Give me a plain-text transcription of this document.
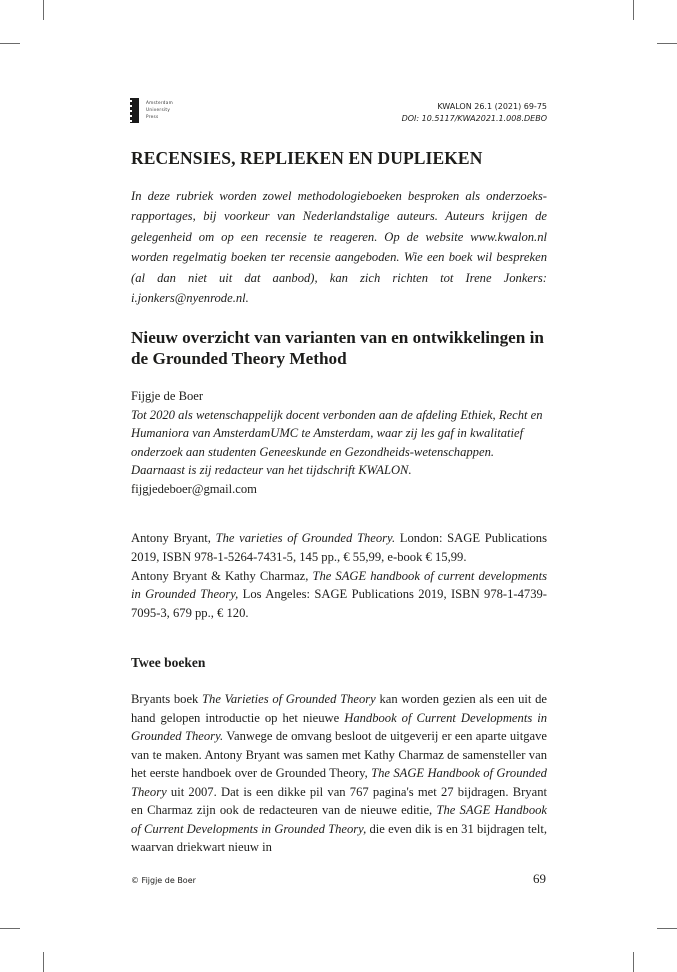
Amsterdam
University
Press
KWALON 26.1 (2021) 69-75
DOI: 10.5117/KWA2021.1.008.DEBO
RECENSIES, REPLIEKEN EN DUPLIEKEN

In deze rubriek worden zowel methodologieboeken besproken als onderzoeks-rapportages, bij voorkeur van Nederlandstalige auteurs. Auteurs krijgen de gelegenheid om op een recensie te reageren. Op de website www.kwalon.nl worden regelmatig boeken ter recensie aangeboden. Wie een boek wil bespreken (al dan niet uit dat aanbod), kan zich richten tot Irene Jonkers: i.jonkers@nyenrode.nl.

Nieuw overzicht van varianten van en ontwikkelingen in de Grounded Theory Method
Fijgje de Boer
Tot 2020 als wetenschappelijk docent verbonden aan de afdeling Ethiek, Recht en Humaniora van AmsterdamUMC te Amsterdam, waar zij les gaf in kwalitatief onderzoek aan studenten Geneeskunde en Gezondheids-wetenschappen. Daarnaast is zij redacteur van het tijdschrift KWALON.
fijgjedeboer@gmail.com

Antony Bryant, The varieties of Grounded Theory. London: SAGE Publications 2019, ISBN 978-1-5264-7431-5, 145 pp., € 55,99, e-book € 15,99.

Antony Bryant & Kathy Charmaz, The SAGE handbook of current developments in Grounded Theory, Los Angeles: SAGE Publications 2019, ISBN 978-1-4739-7095-3, 679 pp., € 120.

Twee boeken

Bryants boek The Varieties of Grounded Theory kan worden gezien als een uit de hand gelopen introductie op het nieuwe Handbook of Current Developments in Grounded Theory. Vanwege de omvang besloot de uitgeverij er een aparte uitgave van te maken. Antony Bryant was samen met Kathy Charmaz de samensteller van het eerste handboek over de Grounded Theory, The SAGE Handbook of Grounded Theory uit 2007. Dat is een dikke pil van 767 pagina's met 27 bijdragen. Bryant en Charmaz zijn ook de redacteuren van de nieuwe editie, The SAGE Handbook of Current Developments in Grounded Theory, die even dik is en 31 bijdragen telt, waarvan driekwart nieuw in

© Fijgje de Boer	69
